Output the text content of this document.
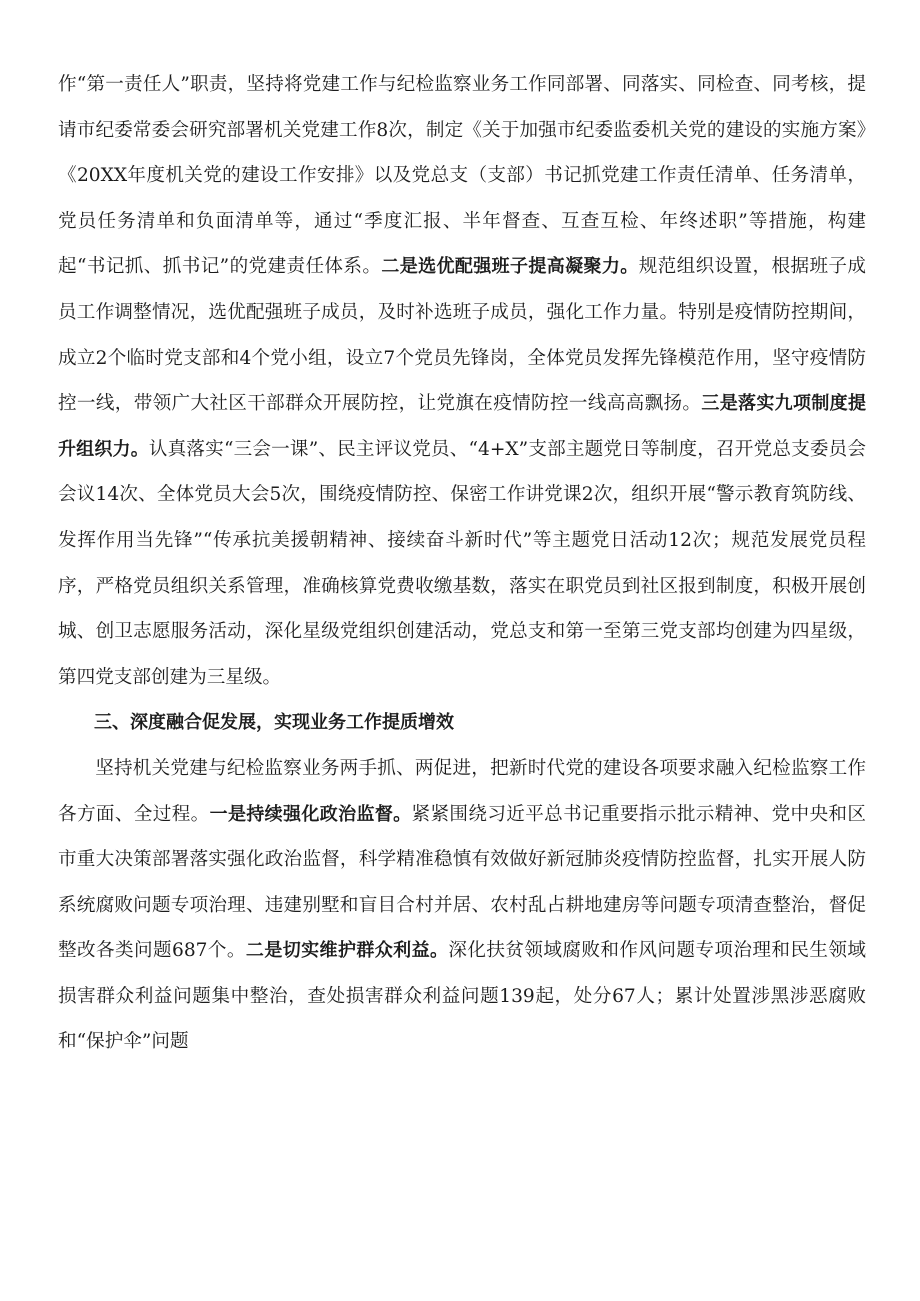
作“第一责任人”职责，坚持将党建工作与纪检监察业务工作同部署、同落实、同检查、同考核，提请市纪委常委会研究部署机关党建工作8次，制定《关于加强市纪委监委机关党的建设的实施方案》《20XX年度机关党的建设工作安排》以及党总支（支部）书记抓党建工作责任清单、任务清单，党员任务清单和负面清单等，通过“季度汇报、半年督查、互查互检、年终述职”等措施，构建起“书记抓、抓书记”的党建责任体系。二是选优配强班子提高凝聚力。规范组织设置，根据班子成员工作调整情况，选优配强班子成员，及时补选班子成员，强化工作力量。特别是疫情防控期间，成立2个临时党支部和4个党小组，设立7个党员先锋岗，全体党员发挥先锋模范作用，坚守疫情防控一线，带领广大社区干部群众开展防控，让党旗在疫情防控一线高高飘扬。三是落实九项制度提升组织力。认真落实“三会一课”、民主评议党员、“4+X”支部主题党日等制度，召开党总支委员会会议14次、全体党员大会5次，围绕疫情防控、保密工作讲党课2次，组织开展“警示教育筑防线、发挥作用当先锋”“传承抗美援朝精神、接续奋斗新时代”等主题党日活动12次；规范发展党员程序，严格党员组织关系管理，准确核算党费收缴基数，落实在职党员到社区报到制度，积极开展创城、创卫志愿服务活动，深化星级党组织创建活动，党总支和第一至第三党支部均创建为四星级，第四党支部创建为三星级。

三、深度融合促发展，实现业务工作提质增效

坚持机关党建与纪检监察业务两手抓、两促进，把新时代党的建设各项要求融入纪检监察工作各方面、全过程。一是持续强化政治监督。紧紧围绕习近平总书记重要指示批示精神、党中央和区市重大决策部署落实强化政治监督，科学精准稳慎有效做好新冠肺炎疫情防控监督，扎实开展人防系统腐败问题专项治理、违建别墅和盲目合村并居、农村乱占耕地建房等问题专项清查整治，督促整改各类问题687个。二是切实维护群众利益。深化扶贫领域腐败和作风问题专项治理和民生领域损害群众利益问题集中整治，查处损害群众利益问题139起，处分67人；累计处置涉黑涉恶腐败和“保护伞”问题
